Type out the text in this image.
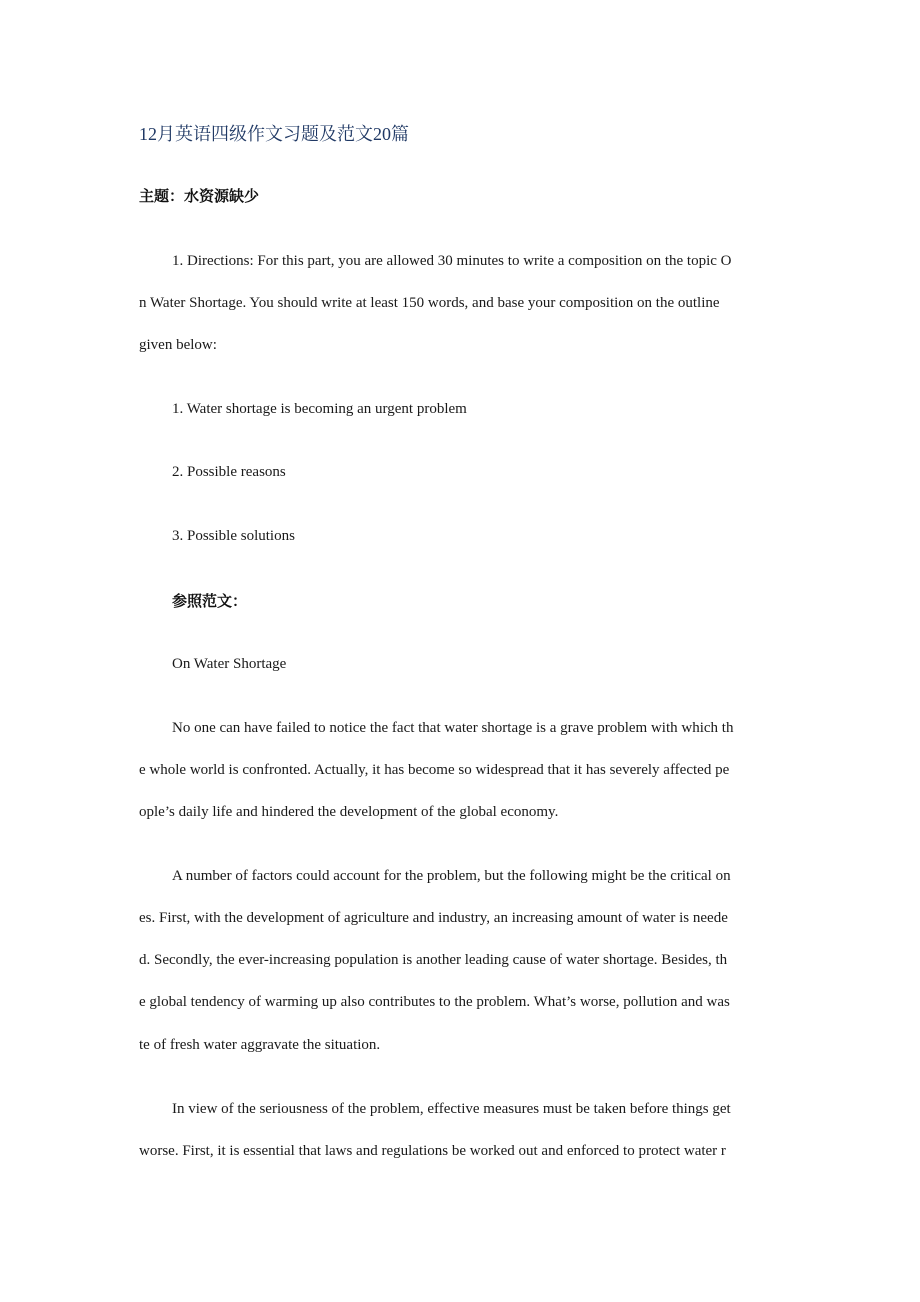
12月英语四级作文习题及范文20篇
主题：水资源缺少
1. Directions: For this part, you are allowed 30 minutes to write a composition on the topic O
n Water Shortage. You should write at least 150 words, and base your composition on the outline
given below:
1. Water shortage is becoming an urgent problem
2. Possible reasons
3. Possible solutions
参照范文：
On Water Shortage
No one can have failed to notice the fact that water shortage is a grave problem with which th
e whole world is confronted. Actually, it has become so widespread that it has severely affected pe
ople’s daily life and hindered the development of the global economy.
A number of factors could account for the problem, but the following might be the critical on
es. First, with the development of agriculture and industry, an increasing amount of water is neede
d. Secondly, the ever-increasing population is another leading cause of water shortage. Besides, th
e global tendency of warming up also contributes to the problem. What’s worse, pollution and was
te of fresh water aggravate the situation.
In view of the seriousness of the problem, effective measures must be taken before things get
worse. First, it is essential that laws and regulations be worked out and enforced to protect water r
